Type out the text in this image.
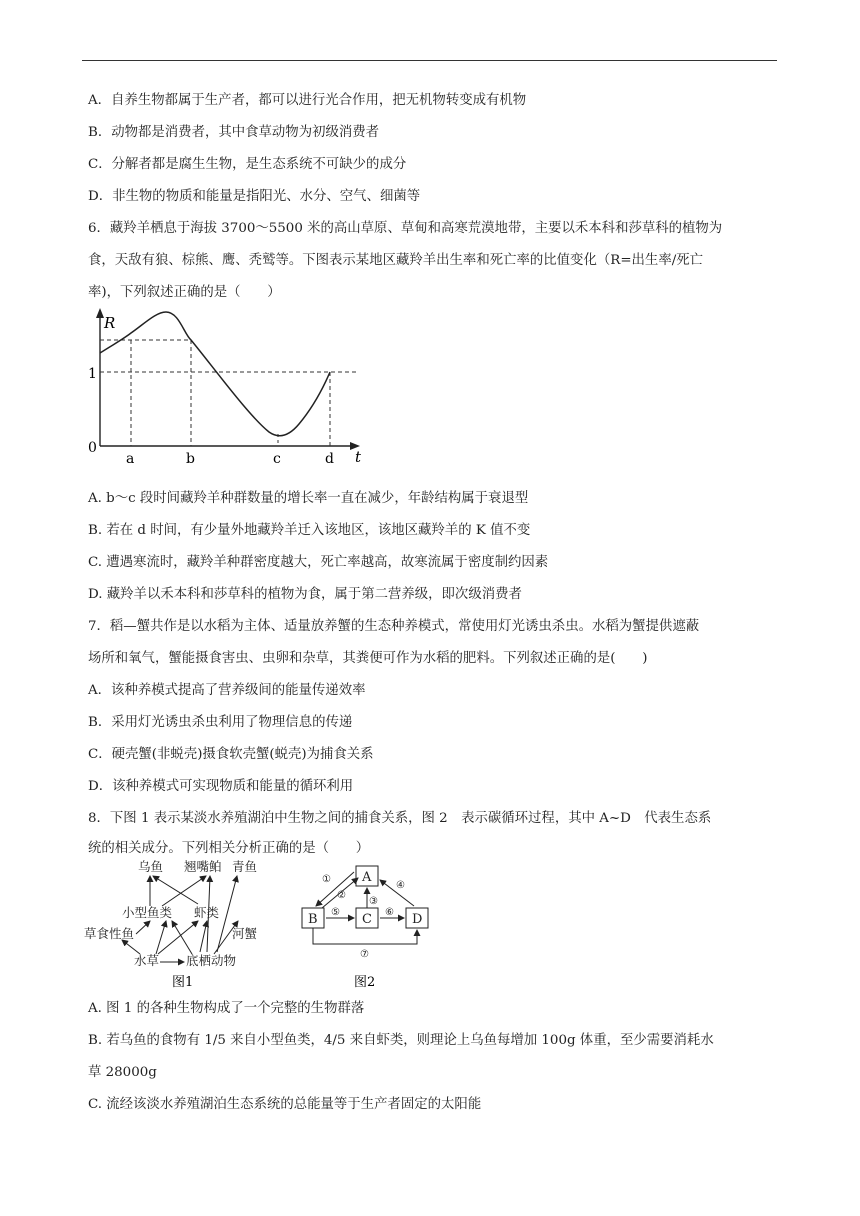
A．自养生物都属于生产者，都可以进行光合作用，把无机物转变成有机物
B．动物都是消费者，其中食草动物为初级消费者
C．分解者都是腐生生物，是生态系统不可缺少的成分
D．非生物的物质和能量是指阳光、水分、空气、细菌等
6．藏羚羊栖息于海拔 3700～5500 米的高山草原、草甸和高寒荒漠地带，主要以禾本科和莎草科的植物为
食，天敌有狼、棕熊、鹰、秃鹫等。下图表示某地区藏羚羊出生率和死亡率的比值变化（R=出生率/死亡
率)，下列叙述正确的是（　　）
R
t
0
1
a	b	c	d
A. b～c 段时间藏羚羊种群数量的增长率一直在减少，年龄结构属于衰退型
B. 若在 d 时间，有少量外地藏羚羊迁入该地区，该地区藏羚羊的 K 值不变
C. 遭遇寒流时，藏羚羊种群密度越大，死亡率越高，故寒流属于密度制约因素
D. 藏羚羊以禾本科和莎草科的植物为食，属于第二营养级，即次级消费者
7．稻—蟹共作是以水稻为主体、适量放养蟹的生态种养模式，常使用灯光诱虫杀虫。水稻为蟹提供遮蔽
场所和氧气，蟹能摄食害虫、虫卵和杂草，其粪便可作为水稻的肥料。下列叙述正确的是(　　)
A．该种养模式提高了营养级间的能量传递效率
B．采用灯光诱虫杀虫利用了物理信息的传递
C．硬壳蟹(非蜕壳)摄食软壳蟹(蜕壳)为捕食关系
D．该种养模式可实现物质和能量的循环利用
8．下图 1 表示某淡水养殖湖泊中生物之间的捕食关系，图 2　表示碳循环过程，其中 A~D　代表生态系
统的相关成分。下列相关分析正确的是（　　）
乌鱼 翘嘴鲌 青鱼
小型鱼类 虾类
河蟹
草食性鱼
水草 底栖动物
图1
A
B	C	D
①
②
③
④
⑤	⑥
⑦
图2
A. 图 1 的各种生物构成了一个完整的生物群落
B. 若乌鱼的食物有 1/5 来自小型鱼类，4/5 来自虾类，则理论上乌鱼每增加 100g 体重，至少需要消耗水
草 28000g
C. 流经该淡水养殖湖泊生态系统的总能量等于生产者固定的太阳能
